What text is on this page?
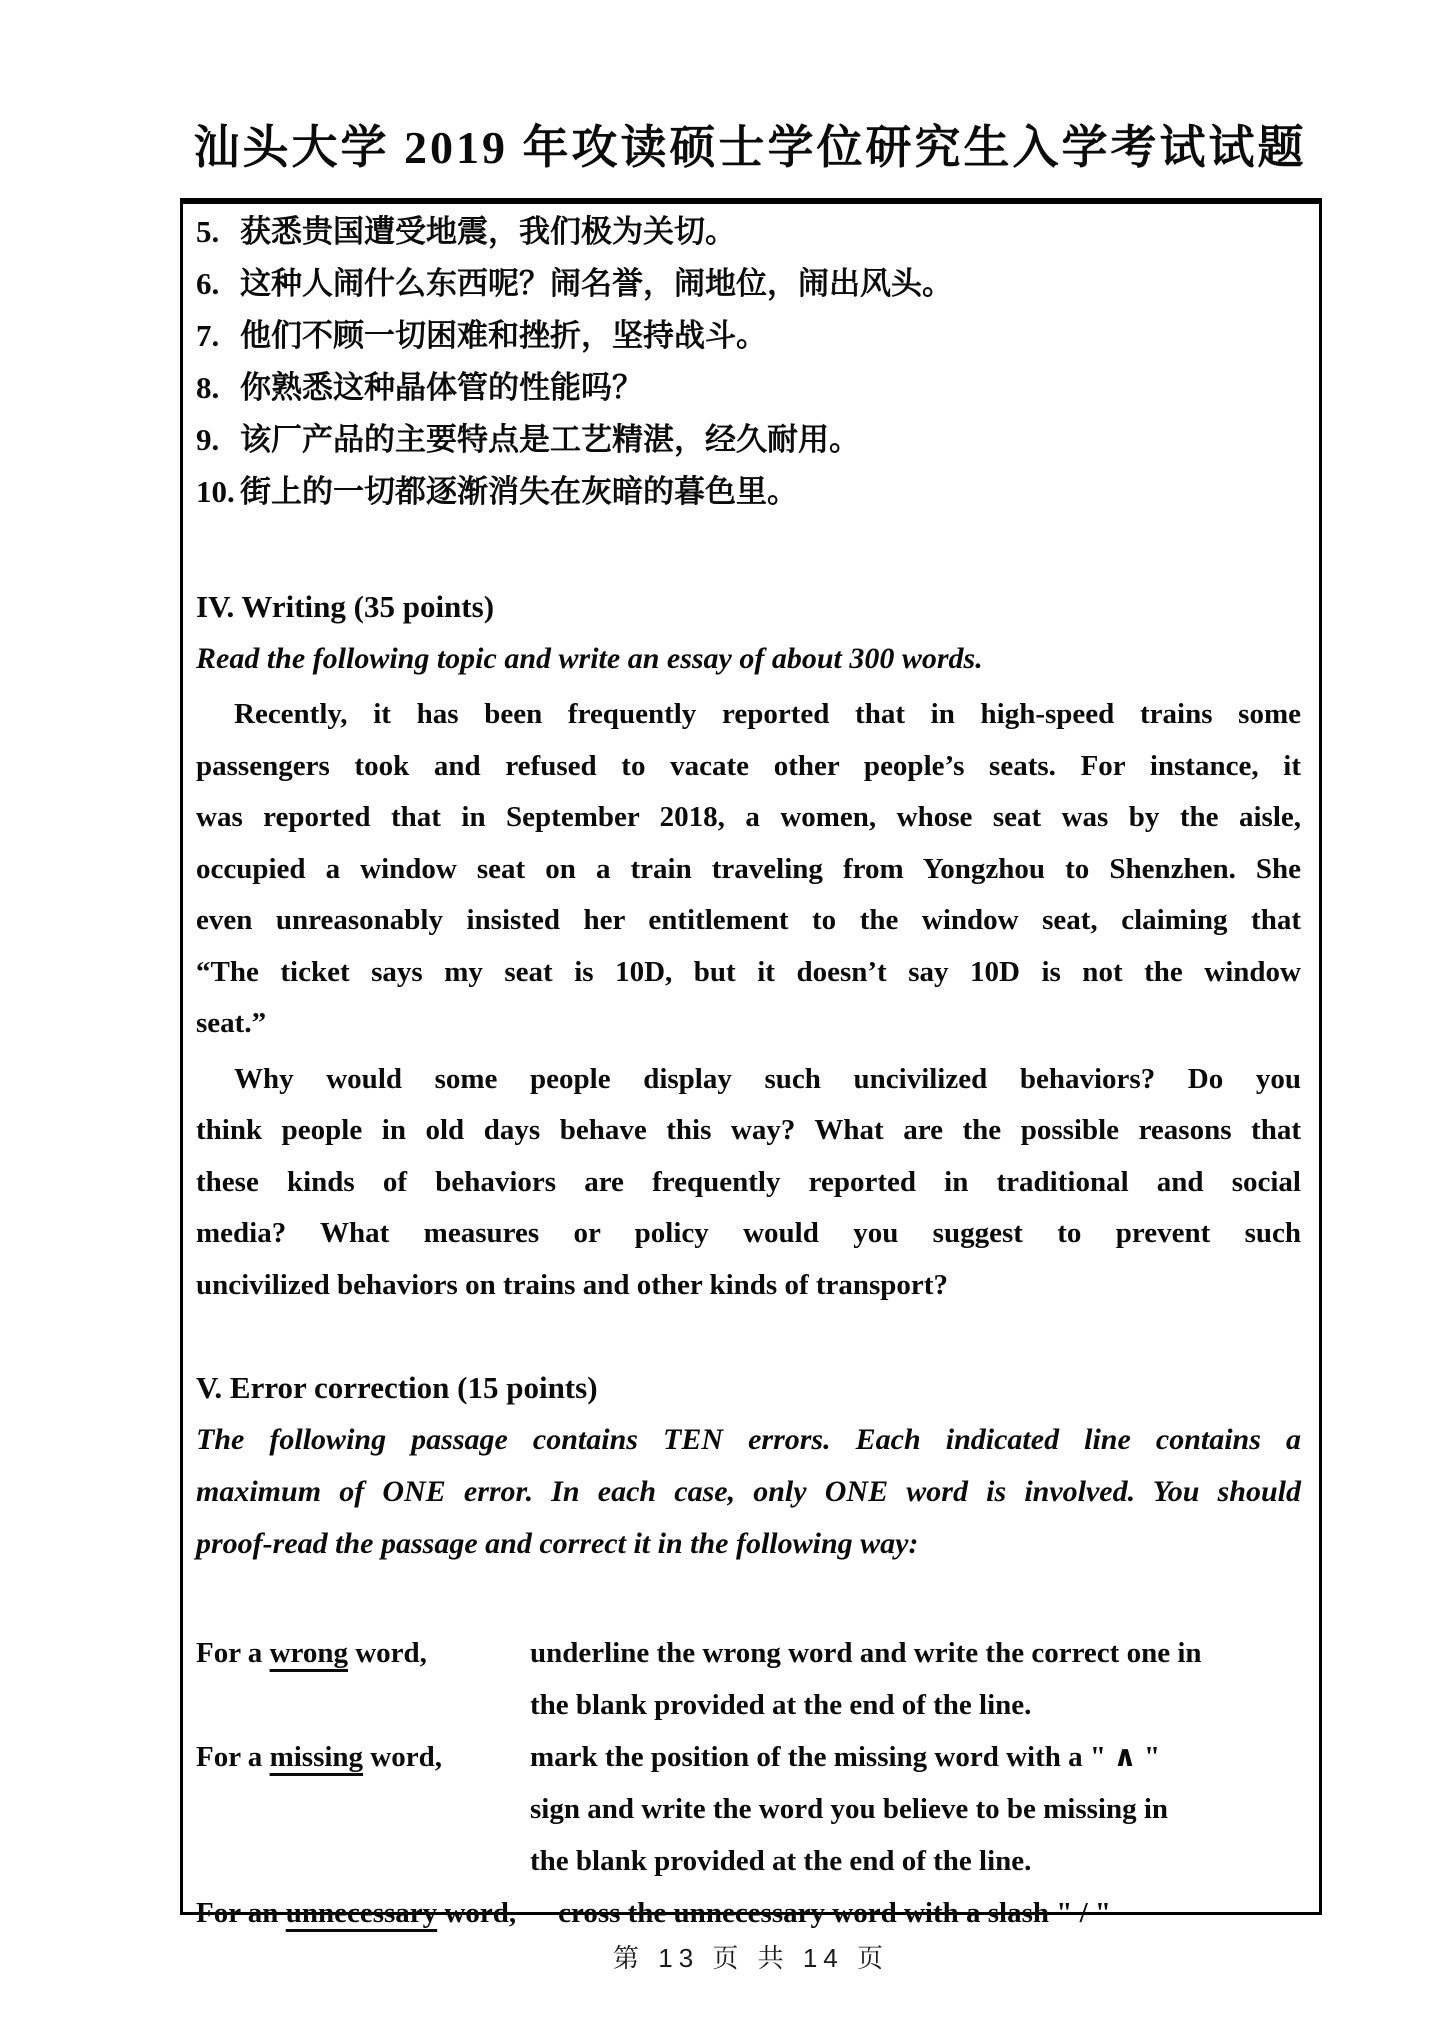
汕头大学 2019 年攻读硕士学位研究生入学考试试题
5. 获悉贵国遭受地震，我们极为关切。
6. 这种人闹什么东西呢？闹名誉，闹地位，闹出风头。
7. 他们不顾一切困难和挫折，坚持战斗。
8. 你熟悉这种晶体管的性能吗？
9. 该厂产品的主要特点是工艺精湛，经久耐用。
10. 街上的一切都逐渐消失在灰暗的暮色里。
IV. Writing (35 points)
Read the following topic and write an essay of about 300 words.
Recently, it has been frequently reported that in high-speed trains some
passengers took and refused to vacate other people’s seats. For instance, it
was reported that in September 2018, a women, whose seat was by the aisle,
occupied a window seat on a train traveling from Yongzhou to Shenzhen. She
even unreasonably insisted her entitlement to the window seat, claiming that
“The ticket says my seat is 10D, but it doesn’t say 10D is not the window
seat.”
Why would some people display such uncivilized behaviors? Do you
think people in old days behave this way? What are the possible reasons that
these kinds of behaviors are frequently reported in traditional and social
media? What measures or policy would you suggest to prevent such
uncivilized behaviors on trains and other kinds of transport?
V. Error correction (15 points)
The following passage contains TEN errors. Each indicated line contains a
maximum of ONE error. In each case, only ONE word is involved. You should
proof-read the passage and correct it in the following way:
For a wrong word,	underline the wrong word and write the correct one in
the blank provided at the end of the line.
For a missing word,	mark the position of the missing word with a " ∧ "
sign and write the word you believe to be missing in
the blank provided at the end of the line.
For an unnecessary word, cross the unnecessary word with a slash " / "
第 13 页 共 14 页
